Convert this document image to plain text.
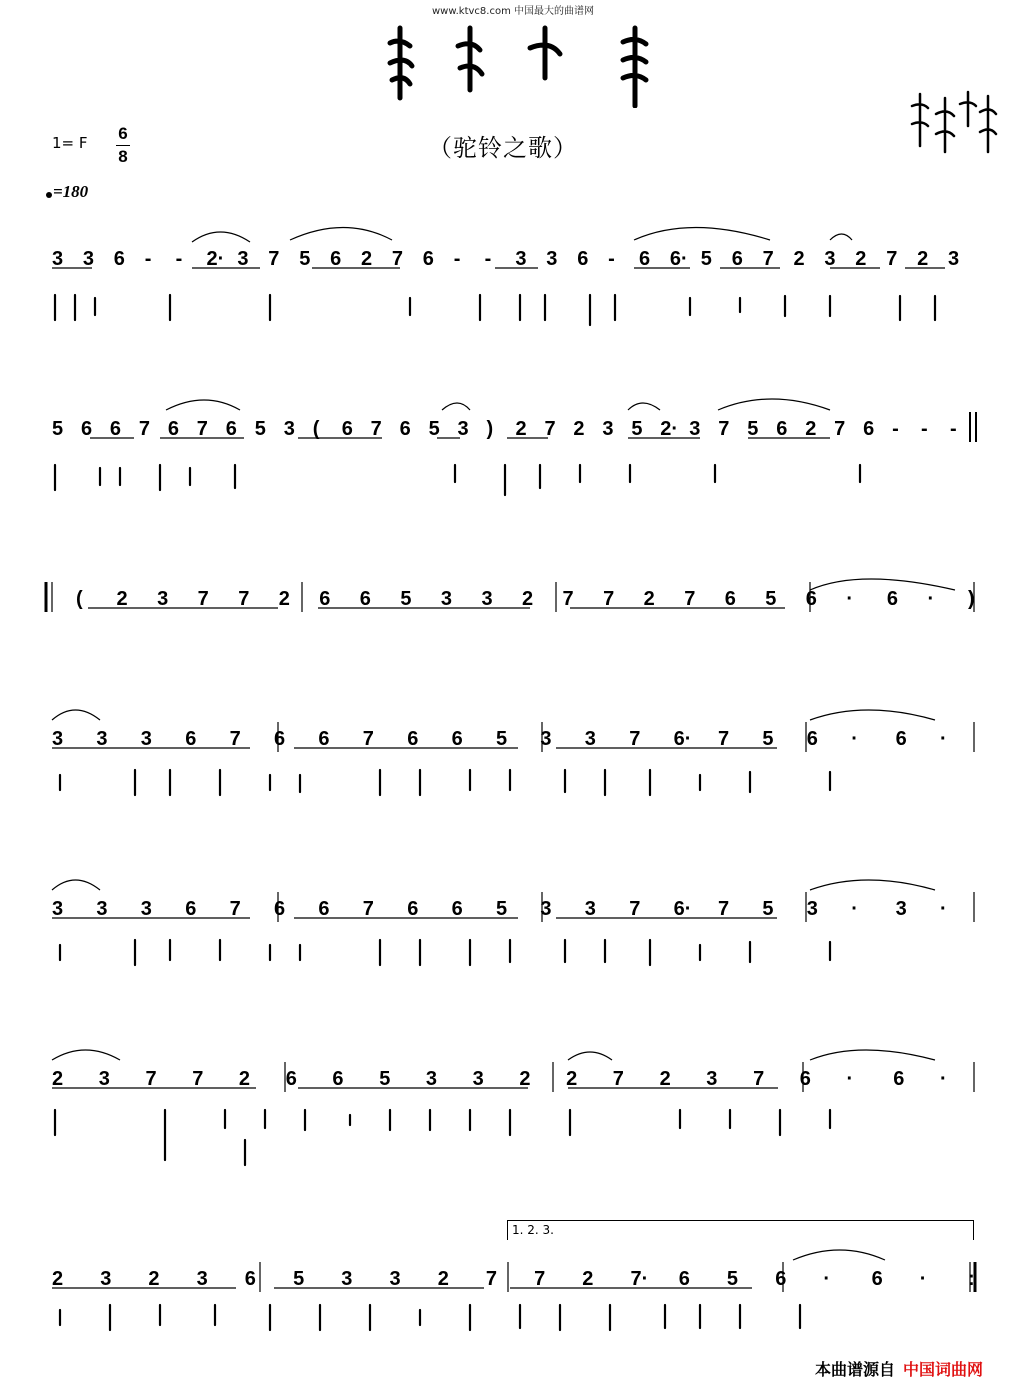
www.ktvc8.com 中国最大的曲谱网
（驼铃之歌）
1= F 6
8
=180
3 3 6 - - 2· 3 7 5 6 2 7 6 - - 3 3 6 - 6 6· 5 6 7 2 3 2 7 2 3
5 6 6 7 6 7 6 5 3 ( 6 7 6 5 3 ) 2 7 2 3 5 2· 3 7 5 6 2 7 6 - - -
( 2 3 7 7 2 6 6 5 3 3 2 7 7 2 7 6 5 6 · 6 · )
3 3 3 6 7 6 6 7 6 6 5 3 3 7 6· 7 5 6 · 6 ·
3 3 3 6 7 6 6 7 6 6 5 3 3 7 6· 7 5 3 · 3 ·
2 3 7 7 2 6 6 5 3 3 2 2 7 2 3 7 6 · 6 ·
2 3 2 3 6 5 3 3 2 7 7 2 7· 6 5 6 · 6 · :
1. 2. 3.
本曲谱源自 中国词曲网
